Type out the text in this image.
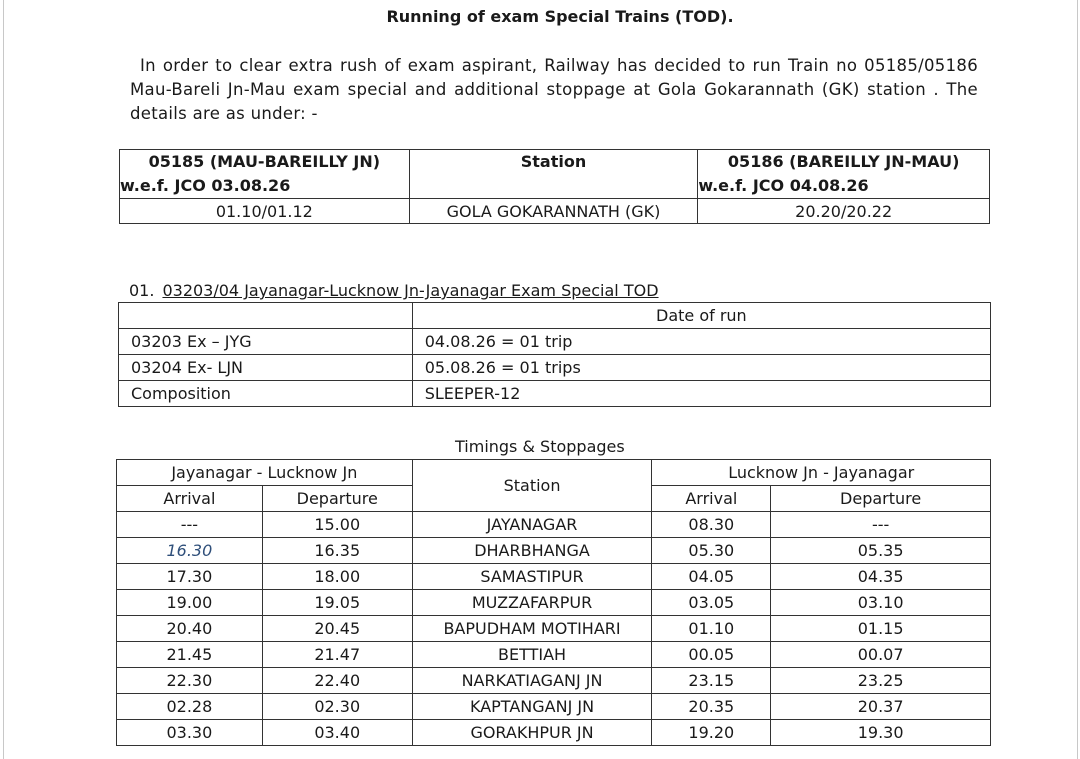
Running of exam Special Trains (TOD).
In order to clear extra rush of exam aspirant, Railway has decided to run Train no 05185/05186 Mau-Bareli Jn-Mau exam special and additional stoppage at Gola Gokarannath (GK) station . The details are as under: -
05185 (MAU-BAREILLY JN)	Station	05186 (BAREILLY JN-MAU)
w.e.f. JCO 03.08.26		w.e.f. JCO 04.08.26
01.10/01.12	GOLA GOKARANNATH (GK)	20.20/20.22
01. 03203/04 Jayanagar-Lucknow Jn-Jayanagar Exam Special TOD
	Date of run
03203 Ex – JYG	04.08.26 = 01 trip
03204 Ex- LJN	05.08.26 = 01 trips
Composition	SLEEPER-12
Timings & Stoppages
Jayanagar - Lucknow Jn		Station	Lucknow Jn - Jayanagar	
Arrival	Departure		Arrival	Departure
---	15.00	JAYANAGAR	08.30	---
16.30	16.35	DHARBHANGA	05.30	05.35
17.30	18.00	SAMASTIPUR	04.05	04.35
19.00	19.05	MUZZAFARPUR	03.05	03.10
20.40	20.45	BAPUDHAM MOTIHARI	01.10	01.15
21.45	21.47	BETTIAH	00.05	00.07
22.30	22.40	NARKATIAGANJ JN	23.15	23.25
02.28	02.30	KAPTANGANJ JN	20.35	20.37
03.30	03.40	GORAKHPUR JN	19.20	19.30
